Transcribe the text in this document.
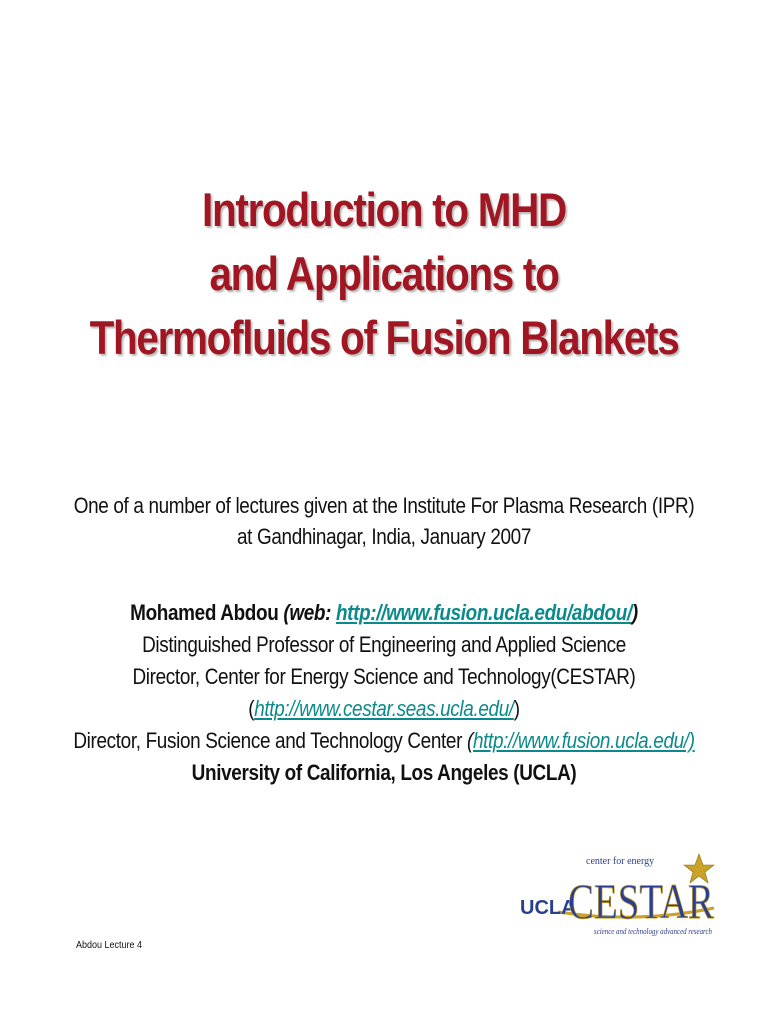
Introduction to MHD
and Applications to
Thermofluids of Fusion Blankets
One of a number of lectures given at the Institute For Plasma Research (IPR)
at Gandhinagar, India, January 2007
Mohamed Abdou (web: http://www.fusion.ucla.edu/abdou/)
Distinguished Professor of Engineering and Applied Science
Director, Center for Energy Science and Technology(CESTAR)
(http://www.cestar.seas.ucla.edu/)
Director, Fusion Science and Technology Center (http://www.fusion.ucla.edu/)
University of California, Los Angeles (UCLA)
center for energy
UCLA
CESTAR
science and technology advanced research
Abdou Lecture 4
